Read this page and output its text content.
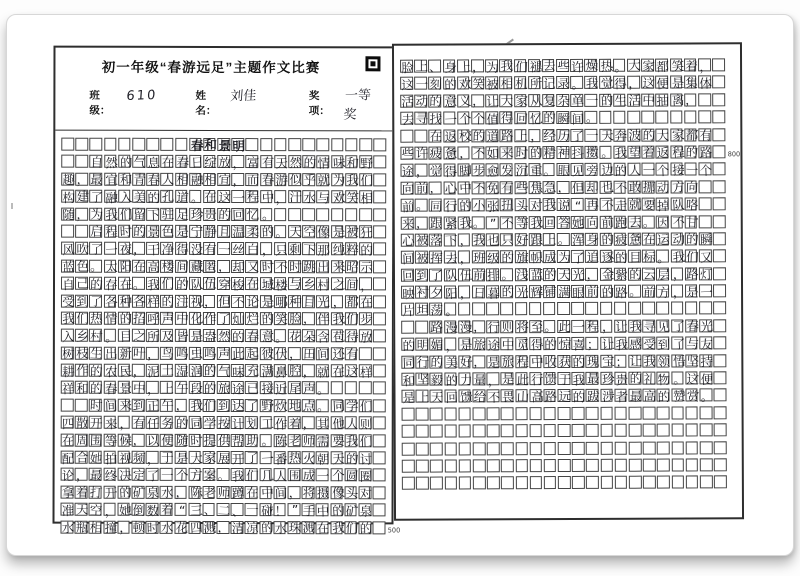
初一年级“春游远足”主题作文比赛
班级：
610	姓名：
刘佳	奖项：
一等奖
春 和 景 明
自 然 的 气 息 在 春 日 绽 放 ， 富 有 天 然 的 情 味 和 野
趣 ， 最 宜 和 青 春 人 相 融 相 宜 ， 而 春 游 似 乎 就 为 我 们
构 建 了 融 入 美 的 孔 道 。 在 这 一 程 中 ， 汗 水 与 欢 笑 相
随 ， 为 我 们 留 下 驻 足 珍 贵 的 回 忆 。
启 程 时 的 景 色 是 宁 静 且 温 柔 的 。 天 空 像 是 被 狂
风 吹 了 一 夜 ， 干 净 得 没 有 一 丝 白 ， 只 剩 下 那 纯 粹 的
蓝 色 。 太 阳 在 高 楼 间 藏 匿 ， 却 又 时 不 时 跳 出 来 昭 示
自 己 的 存 在 。 我 们 的 队 伍 穿 梭 在 城 楼 与 乡 村 之 间 ，
受 到 了 各 种 各 样 的 注 视 ， 但 不 论 是 哪 种 目 光 ， 都 在
我 们 热 情 的 招 呼 声 中 化 作 了 灿 烂 的 笑 脸 ， 伴 我 们 步
入 乡 村 。 目 之 所 及 皆 是 盎 然 的 春 意 。 花 朵 含 苞 待 放
树 枝 生 出 新 叶 ， 鸟 鸣 虫 鸣 声 此 起 彼 伏 ， 田 间 还 有
耕 作 的 农 民 ， 泥 土 湿 润 的 气 味 充 满 鼻 腔 ， 就 在 这 样
祥 和 的 春 景 中 ， 上 午 段 的 旅 途 已 接 近 尾 声 。
时 间 来 到 正 午 ， 我 们 到 达 了 野 炊 地 点 。 同 学 们
四 散 开 来 ， 有 任 务 的 同 学 按 计 划 工 作 着 ， 其 他 人 则
在 周 围 等 候 ， 以 便 随 时 提 供 帮 助 。 陈 老 师 需 要 我 们
配 合 她 拍 视 频 ， 于 是 大 家 展 开 了 一 番 热 火 朝 天 的 讨
论 ， 最 终 决 定 了 一 个 方 案 。 我 们 几 人 围 成 一 个 圆 圈
拿 着 打 开 的 矿 泉 水 ， 陈 老 师 蹲 在 中 间 ， 将 摄 像 头 对
准 天 空 ， 她 倒 数 着 “ 三 、 二 、 一 碰 ！ ” 手 中 的 矿 泉
水 瓶 相 撞 ， 顿 时 水 花 四 溅 ， 清 凉 的 水 珠 溅 在 我 们 的	500
脸 上 、 身 上 ， 为 我 们 褪 去 些 许 燥 热 。 大 家 都 笑 着 ，
这 一 刻 的 欢 笑 被 相 机 所 记 录 。 我 觉 得 ， 这 便 是 集 体
活 动 的 意 义 ， 让 大 家 从 复 杂 单 一 的 生 活 中 抽 离 ，
去 寻 找 一 个 个 值 得 回 忆 的 瞬 间 。
在 返 校 的 道 路 上 ， 经 历 了 一 天 奔 波 的 大 家 都 有
些 许 疲 惫 ， 不 如 来 时 的 精 神 抖 擞 。 我 望 着 返 程 的 路	800
途 ， 觉 得 脚 步 愈 发 沉 重 。 眼 见 旁 边 的 人 一 个 接 一 个
向 前 ， 心 中 不 免 有 些 焦 急 ， 但 却 也 不 敢 挪 动 方 向
前 。 同 行 的 小 张 扭 头 对 我 说 “ 再 不 走 就 要 掉 队 咯
来 ， 跟 紧 我 。 ” 不 等 我 回 答 她 向 前 跑 去 。 因 不 甘
心 被 落 下 ， 我 也 只 好 跟 上 。 浑 身 的 疲 惫 在 运 动 的 瞬
间 被 挥 去 ， 班 级 的 旗 帜 成 为 了 追 逐 的 目 标 。 我 们 又
回 到 了 队 伍 前 排 。 浅 蓝 的 天 光 ， 金 紫 的 云 层 ， 路 灯
映 衬 夕 阳 ， 日 暮 的 光 辉 铺 满 眼 前 的 路 。 前 方 ， 是 一
片 坦 荡 。
路 漫 漫 ， 行 则 将 至 。 此 一 程 ， 让 我 寻 见 了 春 光
的 明 媚 ， 是 旅 途 中 觅 得 的 惊 喜 ； 让 我 感 受 到 了 与 友
同 行 的 美 好 ， 是 旅 程 中 收 获 的 瑰 宝 ； 让 我 领 悟 坚 持
和 坚 毅 的 力 量 ， 是 此 行 馈 于 我 最 珍 贵 的 礼 物 。 这 便
是 上 天 回 馈 给 不 畏 山 高 路 远 的 跋 涉 者 最 高 的 赞 赏 。
